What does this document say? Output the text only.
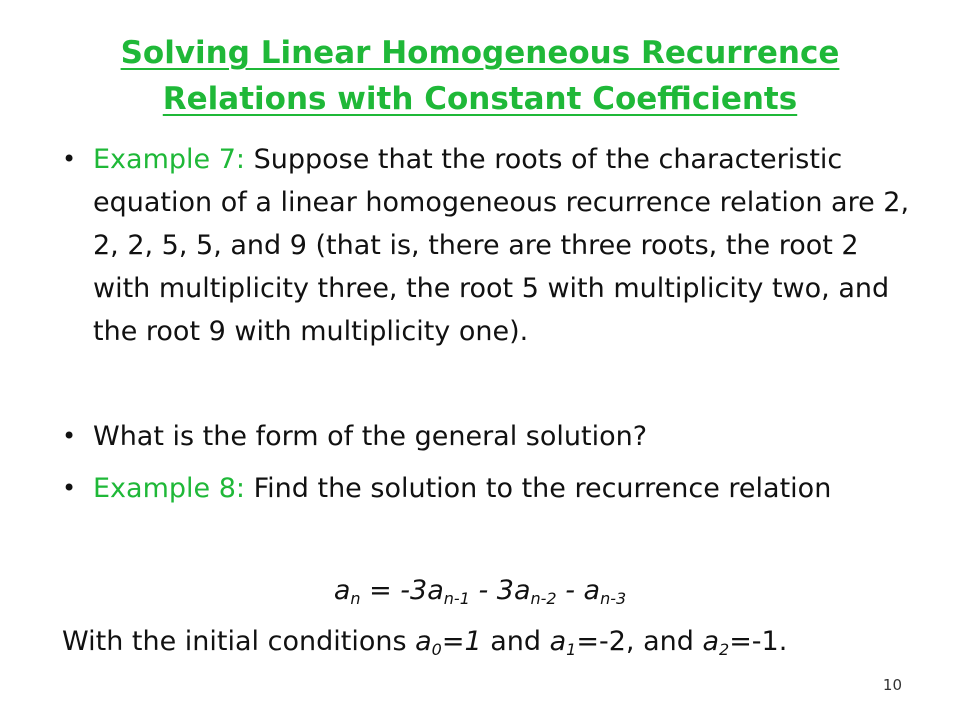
Solving Linear Homogeneous Recurrence
Relations with Constant Coefficients
• Example 7: Suppose that the roots of the characteristic equation of a linear homogeneous recurrence relation are 2, 2, 2, 5, 5, and 9 (that is, there are three roots, the root 2 with multiplicity three, the root 5 with multiplicity two, and the root 9 with multiplicity one).
• What is the form of the general solution?
• Example 8: Find the solution to the recurrence relation
$a_n = -3a_{n-1} - 3a_{n-2} - a_{n-3}$
With the initial conditions $a_0=1$ and $a_1=-2$, and $a_2=-1$.
10
